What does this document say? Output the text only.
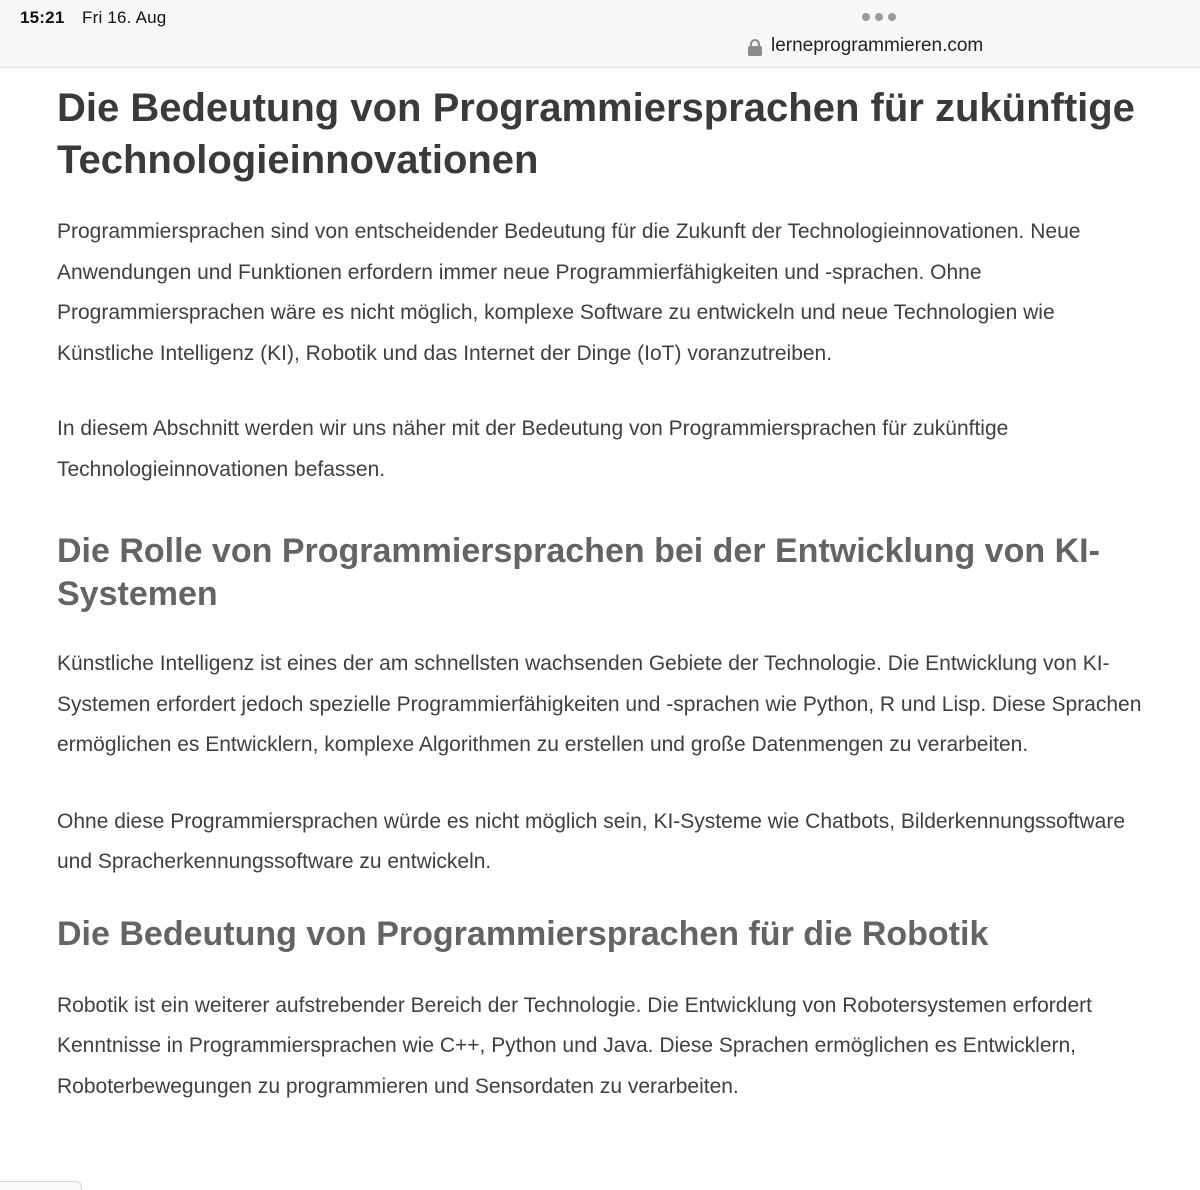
15:21 Fri 16. Aug
lerneprogrammieren.com
Die Bedeutung von Programmiersprachen für zukünftige Technologieinnovationen

Programmiersprachen sind von entscheidender Bedeutung für die Zukunft der Technologieinnovationen. Neue Anwendungen und Funktionen erfordern immer neue Programmierfähigkeiten und -sprachen. Ohne Programmiersprachen wäre es nicht möglich, komplexe Software zu entwickeln und neue Technologien wie Künstliche Intelligenz (KI), Robotik und das Internet der Dinge (IoT) voranzutreiben.

In diesem Abschnitt werden wir uns näher mit der Bedeutung von Programmiersprachen für zukünftige Technologieinnovationen befassen.

Die Rolle von Programmiersprachen bei der Entwicklung von KI-Systemen

Künstliche Intelligenz ist eines der am schnellsten wachsenden Gebiete der Technologie. Die Entwicklung von KI-Systemen erfordert jedoch spezielle Programmierfähigkeiten und -sprachen wie Python, R und Lisp. Diese Sprachen ermöglichen es Entwicklern, komplexe Algorithmen zu erstellen und große Datenmengen zu verarbeiten.

Ohne diese Programmiersprachen würde es nicht möglich sein, KI-Systeme wie Chatbots, Bilderkennungssoftware und Spracherkennungssoftware zu entwickeln.

Die Bedeutung von Programmiersprachen für die Robotik

Robotik ist ein weiterer aufstrebender Bereich der Technologie. Die Entwicklung von Robotersystemen erfordert Kenntnisse in Programmiersprachen wie C++, Python und Java. Diese Sprachen ermöglichen es Entwicklern, Roboterbewegungen zu programmieren und Sensordaten zu verarbeiten.
